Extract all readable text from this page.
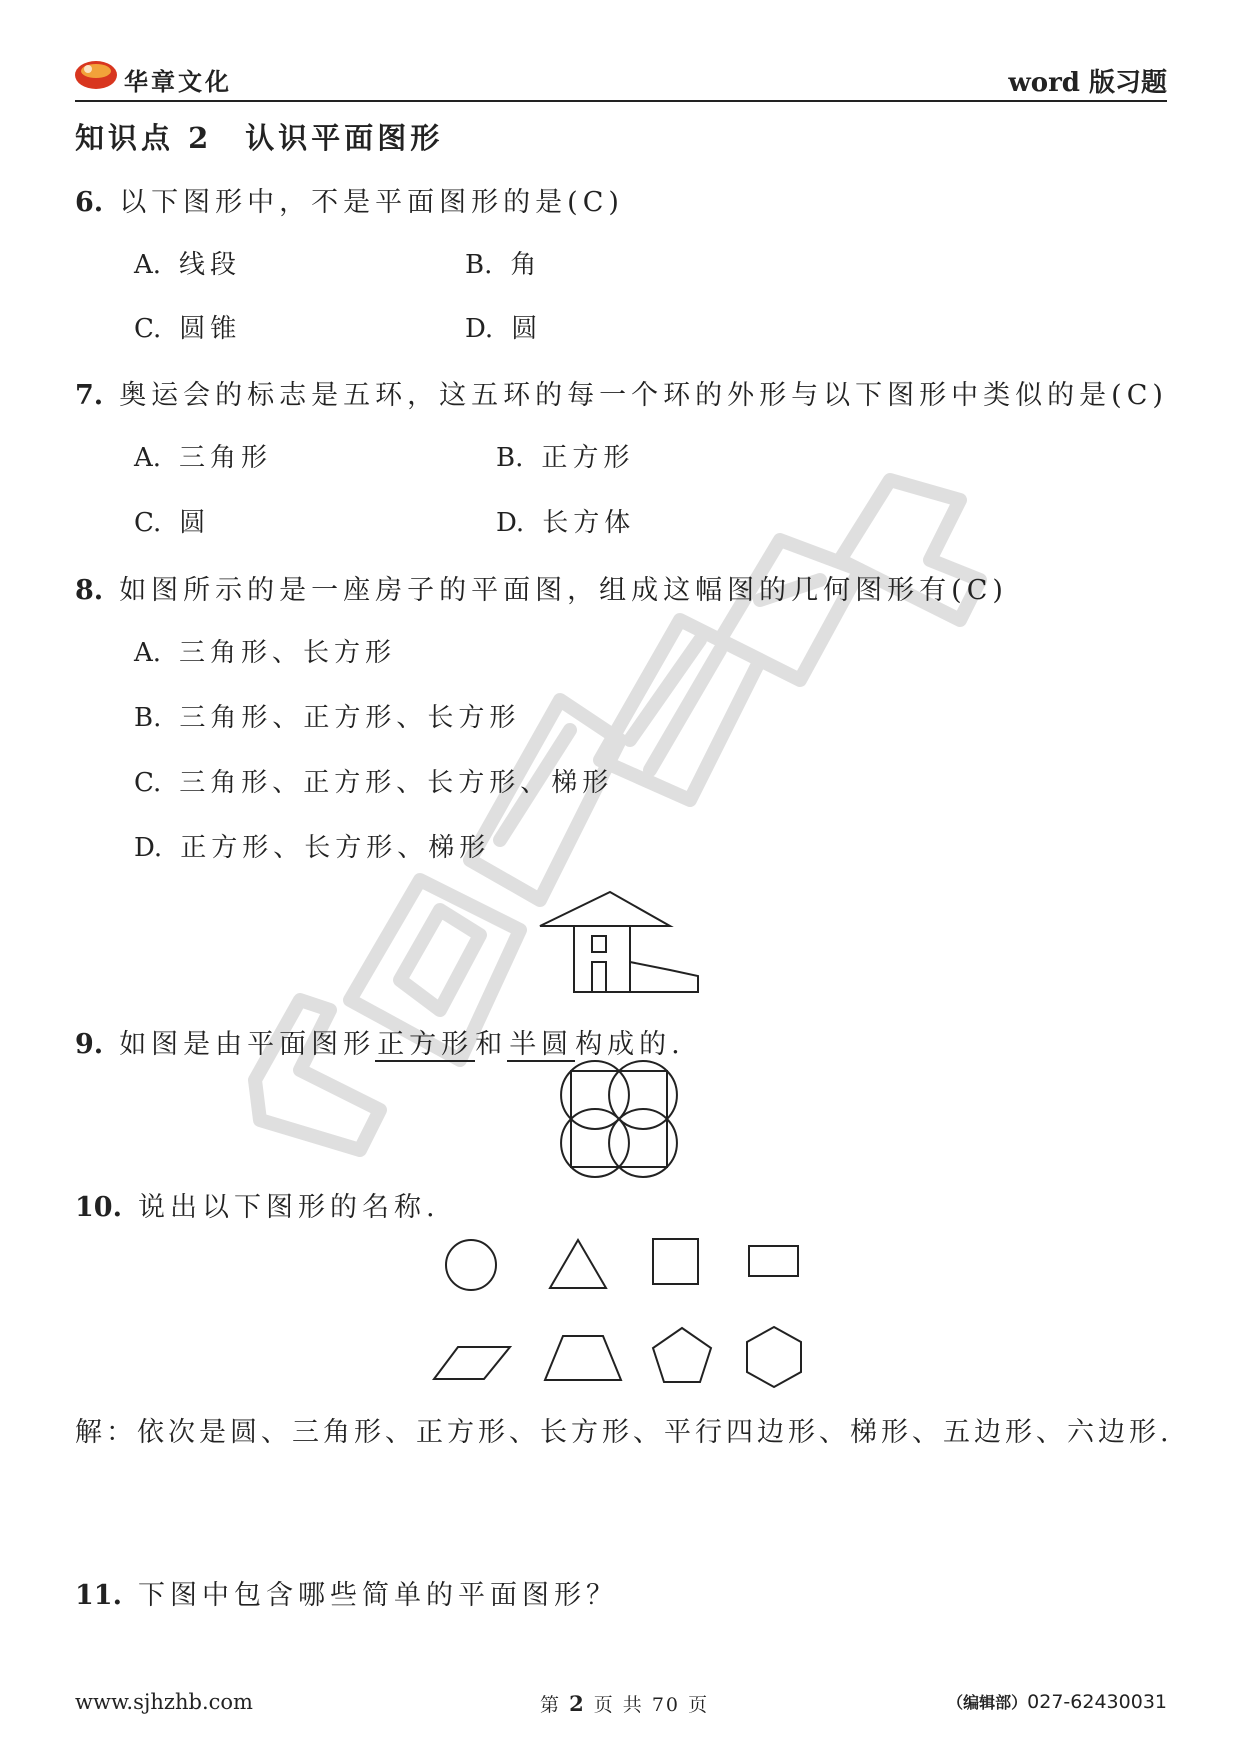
华章文化	word 版习题
知识点 2　认识平面图形
6. 以下图形中，不是平面图形的是(C)
A. 线段	B. 角
C. 圆锥	D. 圆
7. 奥运会的标志是五环，这五环的每一个环的外形与以下图形中类似的是(C)
A. 三角形	B. 正方形
C. 圆	D. 长方体
8. 如图所示的是一座房子的平面图，组成这幅图的几何图形有(C)
A. 三角形、长方形
B. 三角形、正方形、长方形
C. 三角形、正方形、长方形、梯形
D. 正方形、长方形、梯形
9. 如图是由平面图形正方形和半圆构成的.
10. 说出以下图形的名称.
解：依次是圆、三角形、正方形、长方形、平行四边形、梯形、五边形、六边形.
11. 下图中包含哪些简单的平面图形？
www.sjhzhb.com	第 2 页 共 70 页	（编辑部）027-62430031
